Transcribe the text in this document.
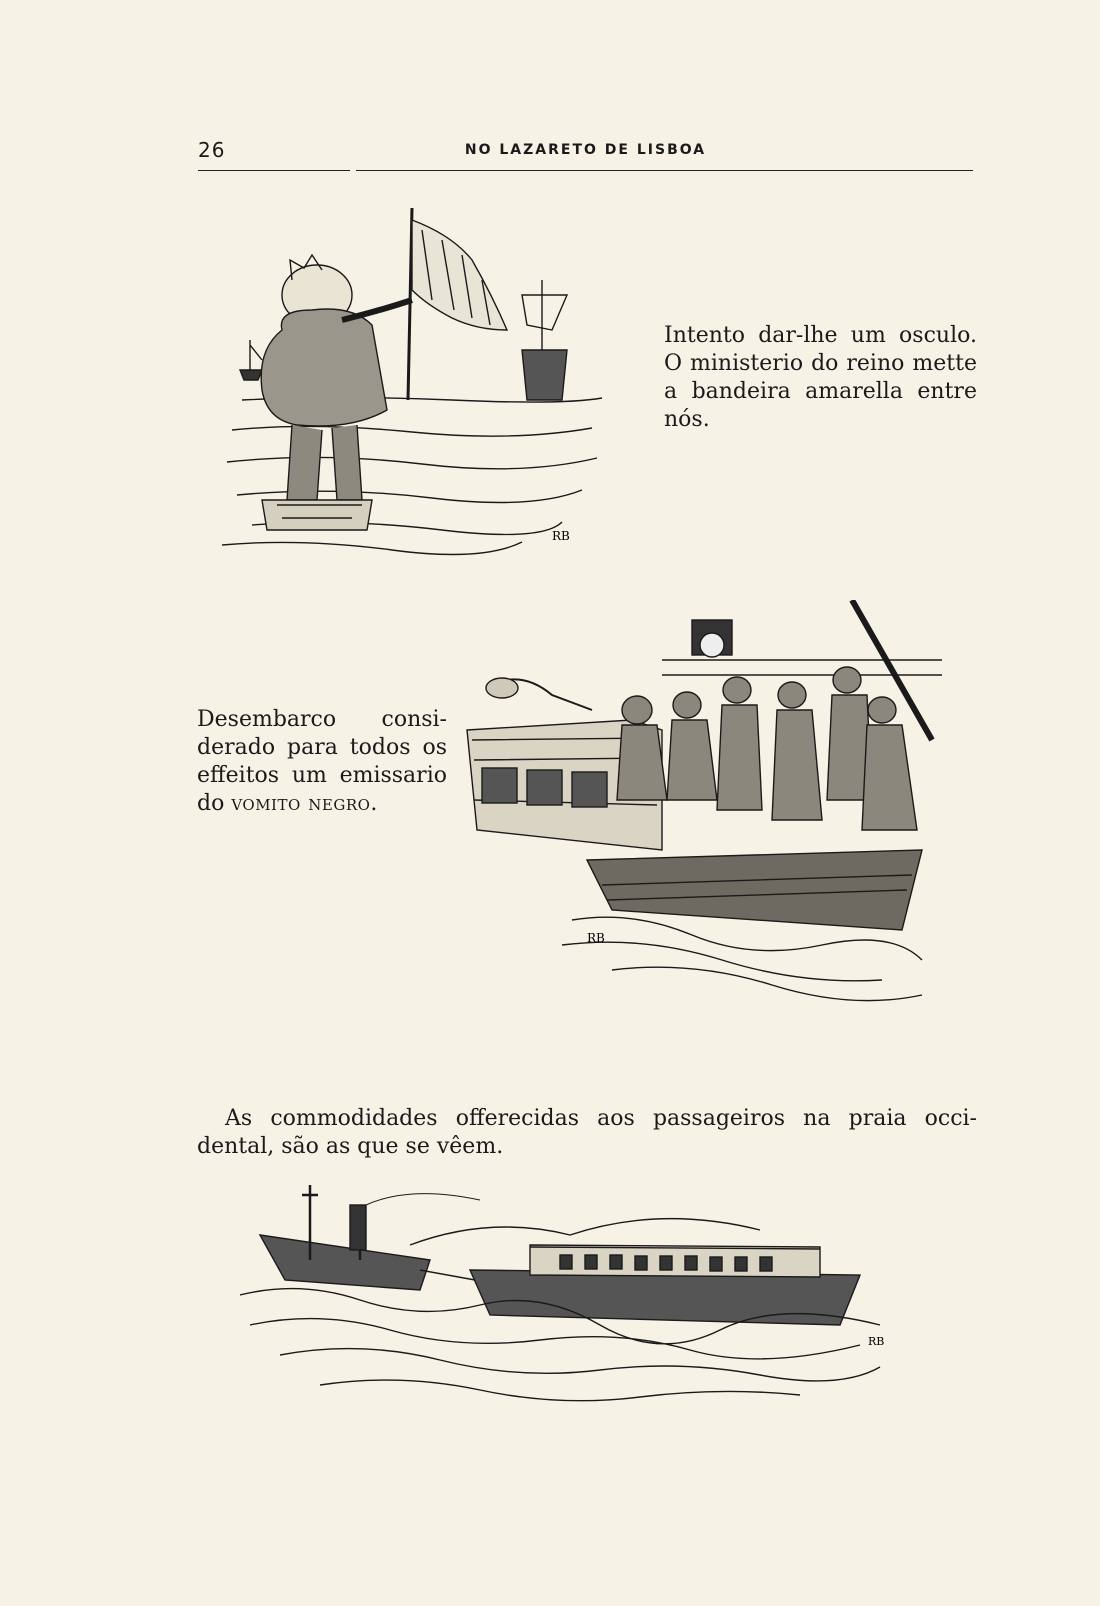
26	NO LAZARETO DE LISBOA
RB
Intento dar-lhe um osculo.
O ministerio do reino mette
a bandeira amarella entre
nós.
RB
Desembarco consi-
derado para todos os
effeitos um emissario
do vomito negro.
As commodidades offerecidas aos passageiros na praia occi-
dental, são as que se vêem.
RB
